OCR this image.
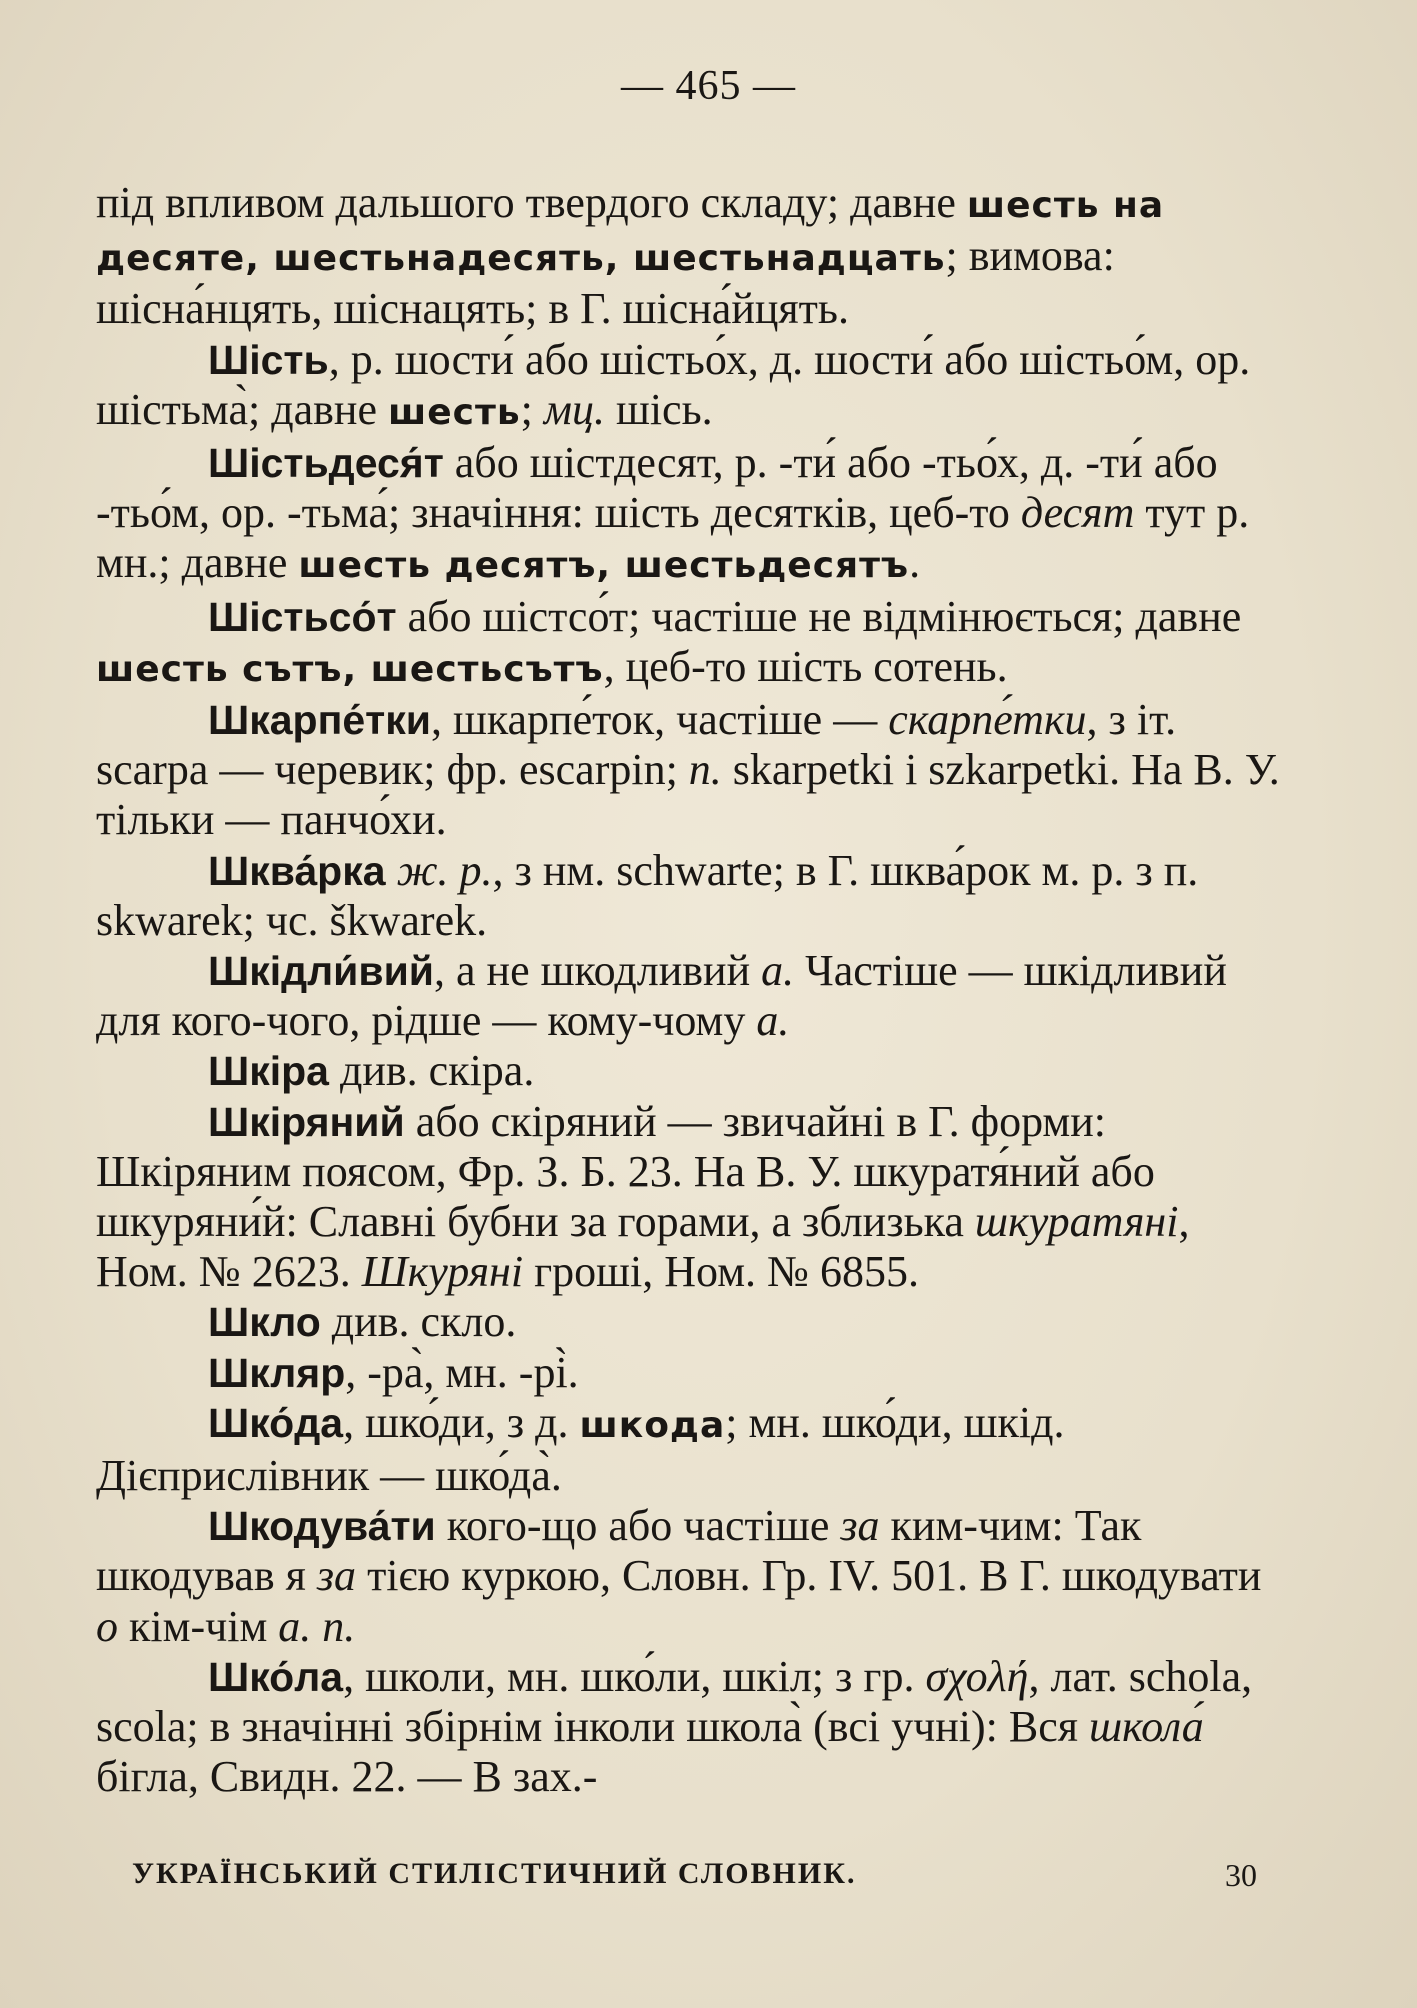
— 465 —

під впливом дальшого твердого складу; давне шесть на десяте, шестьнадесять, шестьнадцать; вимова: шісна́нцять, шіснацять; в Г. шісна́йцять.

Шість, р. шости́ або шістьо́х, д. шости́ або шістьо́м, ор. шістьма̀; давне шесть; мц. шісь.

Шістьдеся́т або шістдесят, р. -ти́ або -тьо́х, д. -ти́ або -тьо́м, ор. -тьма́; значіння: шість десятків, цеб-то десят тут р. мн.; давне шесть десятъ, шестьдесятъ.

Шістьсо́т або шістсо́т; частіше не відмінюється; давне шесть сътъ, шестьсътъ, цеб-то шість сотень.

Шкарпе́тки, шкарпе́ток, частіше — скарпе́тки, з іт. scarpa — черевик; фр. escarpin; п. skarpetki і szkarpetki. На В. У. тільки — панчо́хи.

Шква́рка ж. р., з нм. schwarte; в Г. шква́рок м. р. з п. skwarek; чс. škwarek.

Шкідли́вий, а не шкодливий а. Частіше — шкідливий для кого-чого, рідше — кому-чому а.

Шкіра див. скіра.

Шкіряний або скіряний — звичайні в Г. форми: Шкіряним поясом, Фр. З. Б. 23. На В. У. шкуратя́ний або шкуряни́й: Славні бубни за горами, а зблизька шкуратяні, Ном. № 2623. Шкуряні гроші, Ном. № 6855.

Шкло див. скло.

Шкляр, -ра̀, мн. -рі̀.

Шко́да, шко́ди, з д. шкода; мн. шко́ди, шкід. Дієприслівник — шко́да̀.

Шкодува́ти кого-що або частіше за ким-чим: Так шкодував я за тією куркою, Словн. Гр. IV. 501. В Г. шкодувати о кім-чім а. п.

Шко́ла, школи, мн. шко́ли, шкіл; з гр. σχολή, лат. schola, scola; в значінні збірнім інколи школа̀ (всі учні): Вся школа́ бігла, Свидн. 22. — В зах.-

УКРАЇНСЬКИЙ СТИЛІСТИЧНИЙ СЛОВНИК.	30
